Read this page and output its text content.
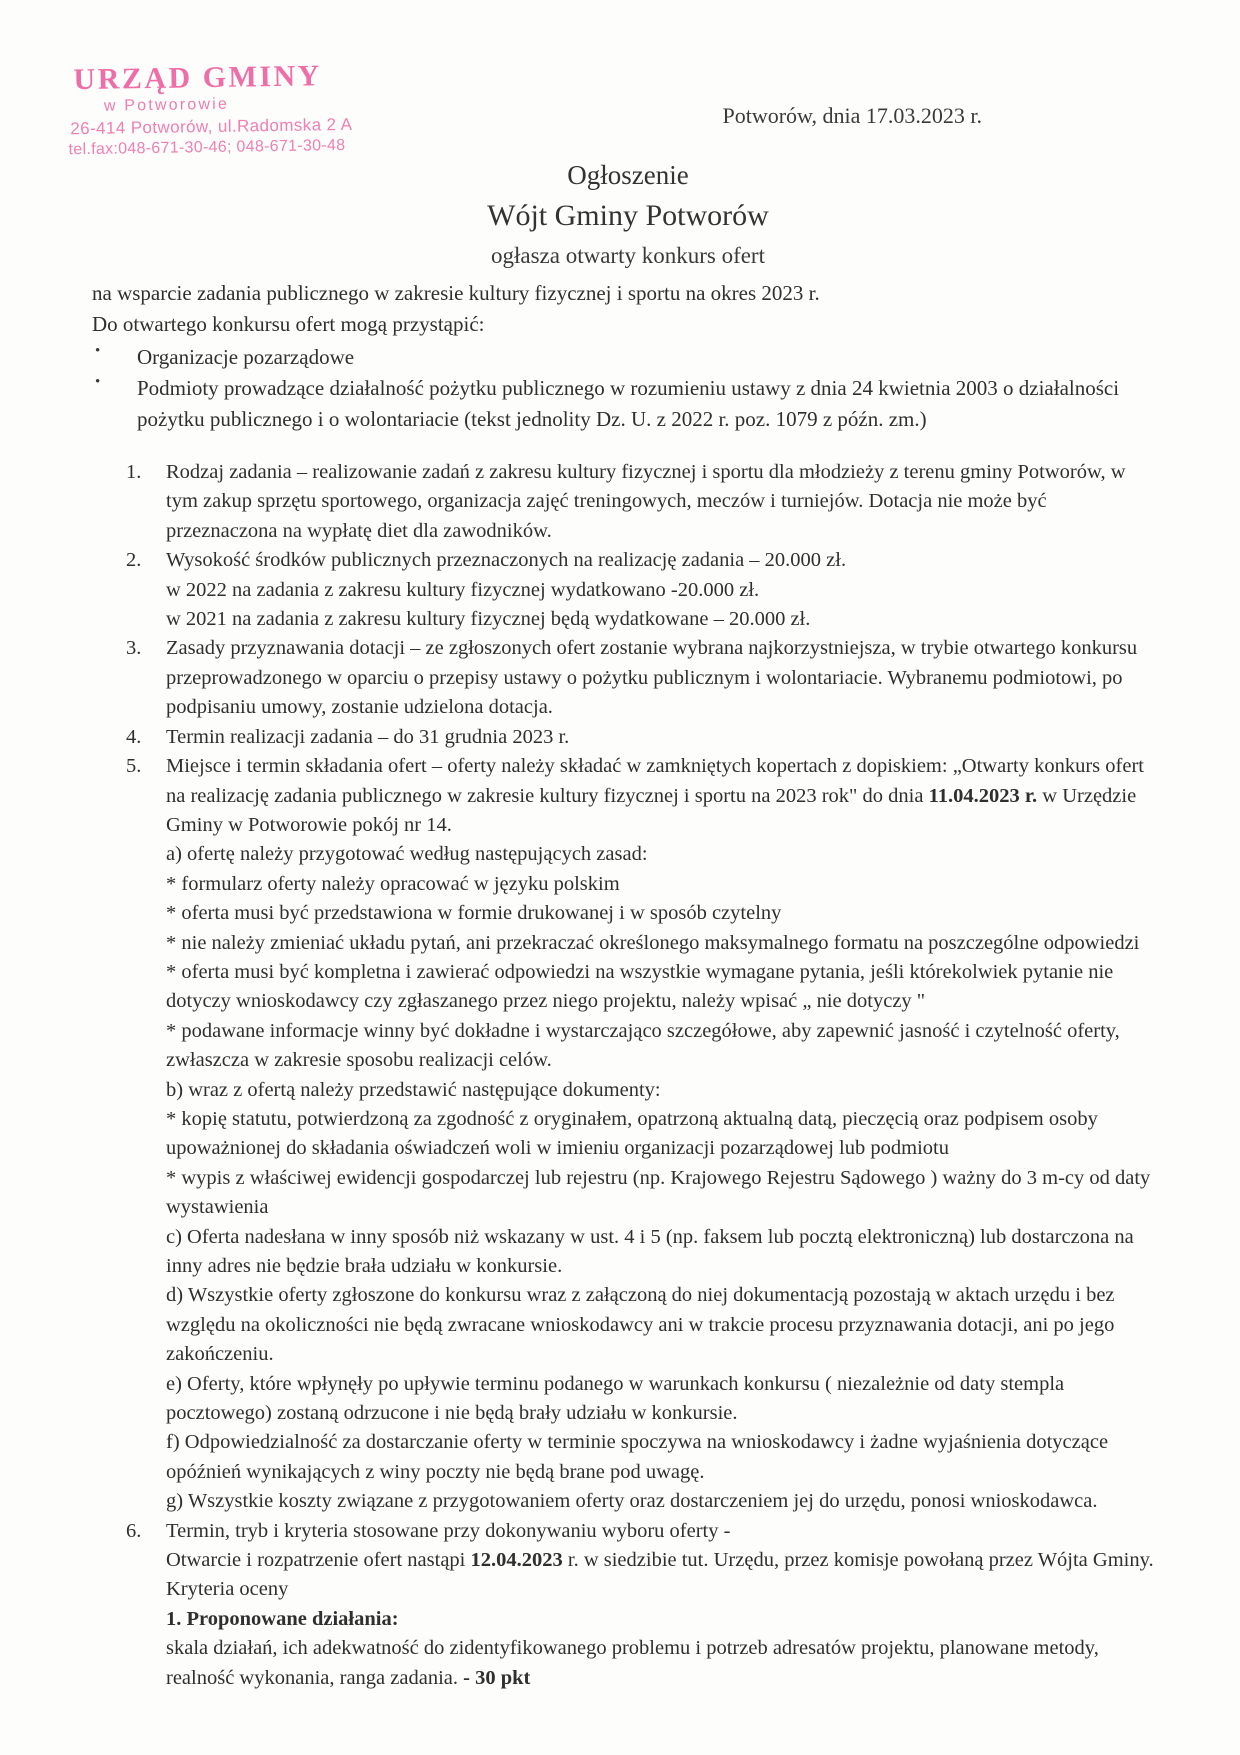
URZĄD GMINY
w Potworowie
26-414 Potworów, ul.Radomska 2 A
tel.fax:048-671-30-46; 048-671-30-48
Potworów, dnia 17.03.2023 r.
Ogłoszenie
Wójt Gminy Potworów
ogłasza otwarty konkurs ofert

na wsparcie zadania publicznego w zakresie kultury fizycznej i sportu na okres 2023 r.

Do otwartego konkursu ofert mogą przystąpić:

• Organizacje pozarządowe
• Podmioty prowadzące działalność pożytku publicznego w rozumieniu ustawy z dnia 24 kwietnia 2003 o działalności pożytku publicznego i o wolontariacie (tekst jednolity Dz. U. z 2022 r. poz. 1079 z późn. zm.)
1.	Rodzaj zadania – realizowanie zadań z zakresu kultury fizycznej i sportu dla młodzieży z terenu gminy Potworów, w tym zakup sprzętu sportowego, organizacja zajęć treningowych, meczów i turniejów. Dotacja nie może być przeznaczona na wypłatę diet dla zawodników.

2.	Wysokość środków publicznych przeznaczonych na realizację zadania – 20.000 zł.

w 2022 na zadania z zakresu kultury fizycznej wydatkowano -20.000 zł.

w 2021 na zadania z zakresu kultury fizycznej będą wydatkowane – 20.000 zł.

3.	Zasady przyznawania dotacji – ze zgłoszonych ofert zostanie wybrana najkorzystniejsza, w trybie otwartego konkursu przeprowadzonego w oparciu o przepisy ustawy o pożytku publicznym i wolontariacie. Wybranemu podmiotowi, po podpisaniu umowy, zostanie udzielona dotacja.

4.	Termin realizacji zadania – do 31 grudnia 2023 r.

5.	Miejsce i termin składania ofert – oferty należy składać w zamkniętych kopertach z dopiskiem: „Otwarty konkurs ofert na realizację zadania publicznego w zakresie kultury fizycznej i sportu na 2023 rok" do dnia 11.04.2023 r. w Urzędzie Gminy w Potworowie pokój nr 14.

a) ofertę należy przygotować według następujących zasad:

* formularz oferty należy opracować w języku polskim

* oferta musi być przedstawiona w formie drukowanej i w sposób czytelny

* nie należy zmieniać układu pytań, ani przekraczać określonego maksymalnego formatu na poszczególne odpowiedzi

* oferta musi być kompletna i zawierać odpowiedzi na wszystkie wymagane pytania, jeśli którekolwiek pytanie nie dotyczy wnioskodawcy czy zgłaszanego przez niego projektu, należy wpisać „ nie dotyczy "

* podawane informacje winny być dokładne i wystarczająco szczegółowe, aby zapewnić jasność i czytelność oferty, zwłaszcza w zakresie sposobu realizacji celów.

b) wraz z ofertą należy przedstawić następujące dokumenty:

* kopię statutu, potwierdzoną za zgodność z oryginałem, opatrzoną aktualną datą, pieczęcią oraz podpisem osoby upoważnionej do składania oświadczeń woli w imieniu organizacji pozarządowej lub podmiotu

* wypis z właściwej ewidencji gospodarczej lub rejestru (np. Krajowego Rejestru Sądowego ) ważny do 3 m-cy od daty wystawienia

c) Oferta nadesłana w inny sposób niż wskazany w ust. 4 i 5 (np. faksem lub pocztą elektroniczną) lub dostarczona na inny adres nie będzie brała udziału w konkursie.

d) Wszystkie oferty zgłoszone do konkursu wraz z załączoną do niej dokumentacją pozostają w aktach urzędu i bez względu na okoliczności nie będą zwracane wnioskodawcy ani w trakcie procesu przyznawania dotacji, ani po jego zakończeniu.

e) Oferty, które wpłynęły po upływie terminu podanego w warunkach konkursu ( niezależnie od daty stempla pocztowego) zostaną odrzucone i nie będą brały udziału w konkursie.

f) Odpowiedzialność za dostarczanie oferty w terminie spoczywa na wnioskodawcy i żadne wyjaśnienia dotyczące opóźnień wynikających z winy poczty nie będą brane pod uwagę.

g) Wszystkie koszty związane z przygotowaniem oferty oraz dostarczeniem jej do urzędu, ponosi wnioskodawca.

6.	Termin, tryb i kryteria stosowane przy dokonywaniu wyboru oferty -

Otwarcie i rozpatrzenie ofert nastąpi 12.04.2023 r. w siedzibie tut. Urzędu, przez komisje powołaną przez Wójta Gminy.

Kryteria oceny

1. Proponowane działania:

skala działań, ich adekwatność do zidentyfikowanego problemu i potrzeb adresatów projektu, planowane metody, realność wykonania, ranga zadania. - 30 pkt
